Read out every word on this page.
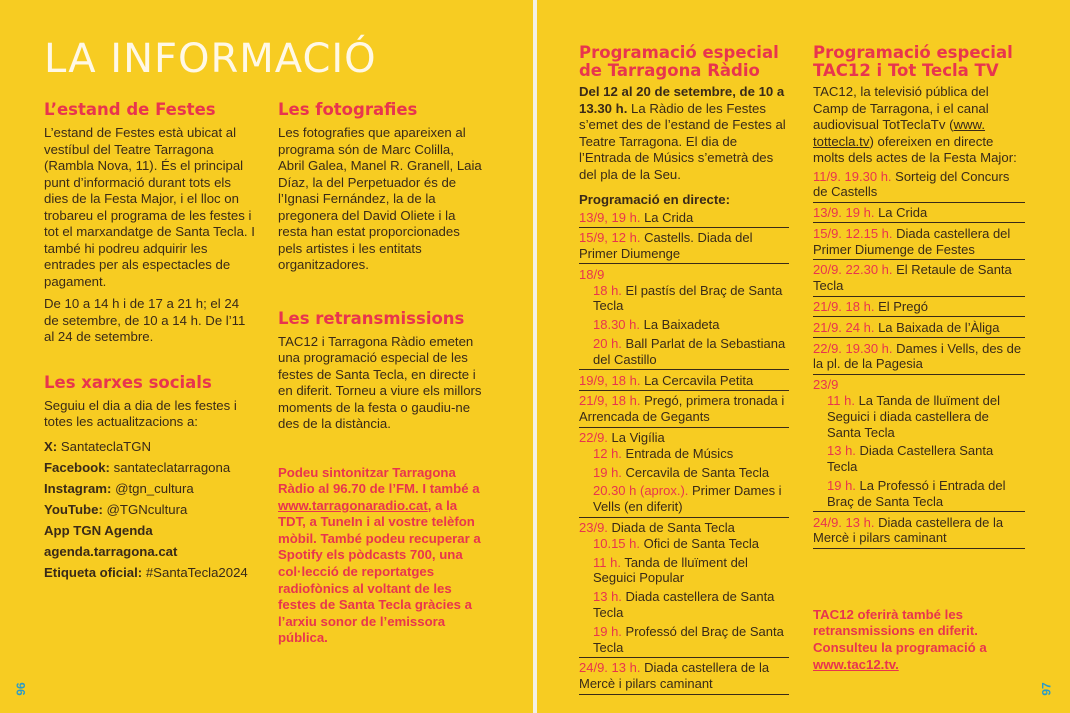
LA INFORMACIÓ
L’estand de Festes

L’estand de Festes està ubicat al vestíbul del Teatre Tarragona (Rambla Nova, 11). És el principal punt d’informació durant tots els dies de la Festa Major, i el lloc on trobareu el programa de les festes i tot el marxandatge de Santa Tecla. I també hi podreu adquirir les entrades per als espectacles de pagament.

De 10 a 14 h i de 17 a 21 h; el 24 de setembre, de 10 a 14 h. De l’11 al 24 de setembre.

Les xarxes socials

Seguiu el dia a dia de les festes i totes les actualitzacions a:

X: SantateclaTGN
Facebook: santateclatarragona
Instagram: @tgn_cultura
YouTube: @TGNcultura
App TGN Agenda
agenda.tarragona.cat
Etiqueta oficial: #SantaTecla2024
Les fotografies

Les fotografies que apareixen al programa són de Marc Colilla, Abril Galea, Manel R. Granell, Laia Díaz, la del Perpetuador és de l’Ignasi Fernández, la de la pregonera del David Oliete i la resta han estat proporcionades pels artistes i les entitats organitzadores.

Les retransmissions

TAC12 i Tarragona Ràdio emeten una programació especial de les festes de Santa Tecla, en directe i en diferit. Torneu a viure els millors moments de la festa o gaudiu-ne des de la distància.

Podeu sintonitzar Tarragona Ràdio al 96.70 de l’FM. I també a www.tarragonaradio.cat, a la TDT, a TuneIn i al vostre telèfon mòbil. També podeu recuperar a Spotify els pòdcasts 700, una col·lecció de reportatges radiofònics al voltant de les festes de Santa Tecla gràcies a l’arxiu sonor de l’emissora pública.

96
Programació especial
de Tarragona Ràdio

Del 12 al 20 de setembre, de 10 a 13.30 h. La Ràdio de les Festes s’emet des de l’estand de Festes al Teatre Tarragona. El dia de l’Entrada de Músics s’emetrà des del pla de la Seu.

Programació en directe:
13/9, 19 h. La Crida
15/9, 12 h. Castells. Diada del Primer Diumenge
18/9
18 h. El pastís del Braç de Santa Tecla
18.30 h. La Baixadeta
20 h. Ball Parlat de la Sebastiana del Castillo
19/9, 18 h. La Cercavila Petita
21/9, 18 h. Pregó, primera tronada i Arrencada de Gegants
22/9. La Vigília
12 h. Entrada de Músics
19 h. Cercavila de Santa Tecla
20.30 h (aprox.). Primer Dames i Vells (en diferit)
23/9. Diada de Santa Tecla
10.15 h. Ofici de Santa Tecla
11 h. Tanda de lluïment del Seguici Popular
13 h. Diada castellera de Santa Tecla
19 h. Professó del Braç de Santa Tecla
24/9. 13 h. Diada castellera de la Mercè i pilars caminant
Programació especial
TAC12 i Tot Tecla TV

TAC12, la televisió pública del Camp de Tarragona, i el canal audiovisual TotTeclaTv (www. tottecla.tv) ofereixen en directe molts dels actes de la Festa Major:

11/9. 19.30 h. Sorteig del Concurs de Castells
13/9. 19 h. La Crida
15/9. 12.15 h. Diada castellera del Primer Diumenge de Festes
20/9. 22.30 h. El Retaule de Santa Tecla
21/9. 18 h. El Pregó
21/9. 24 h. La Baixada de l’Àliga
22/9. 19.30 h. Dames i Vells, des de la pl. de la Pagesia
23/9
11 h. La Tanda de lluïment del Seguici i diada castellera de Santa Tecla
13 h. Diada Castellera Santa Tecla
19 h. La Professó i Entrada del Braç de Santa Tecla
24/9. 13 h. Diada castellera de la Mercè i pilars caminant

TAC12 oferirà també les retransmissions en diferit. Consulteu la programació a www.tac12.tv.

97
